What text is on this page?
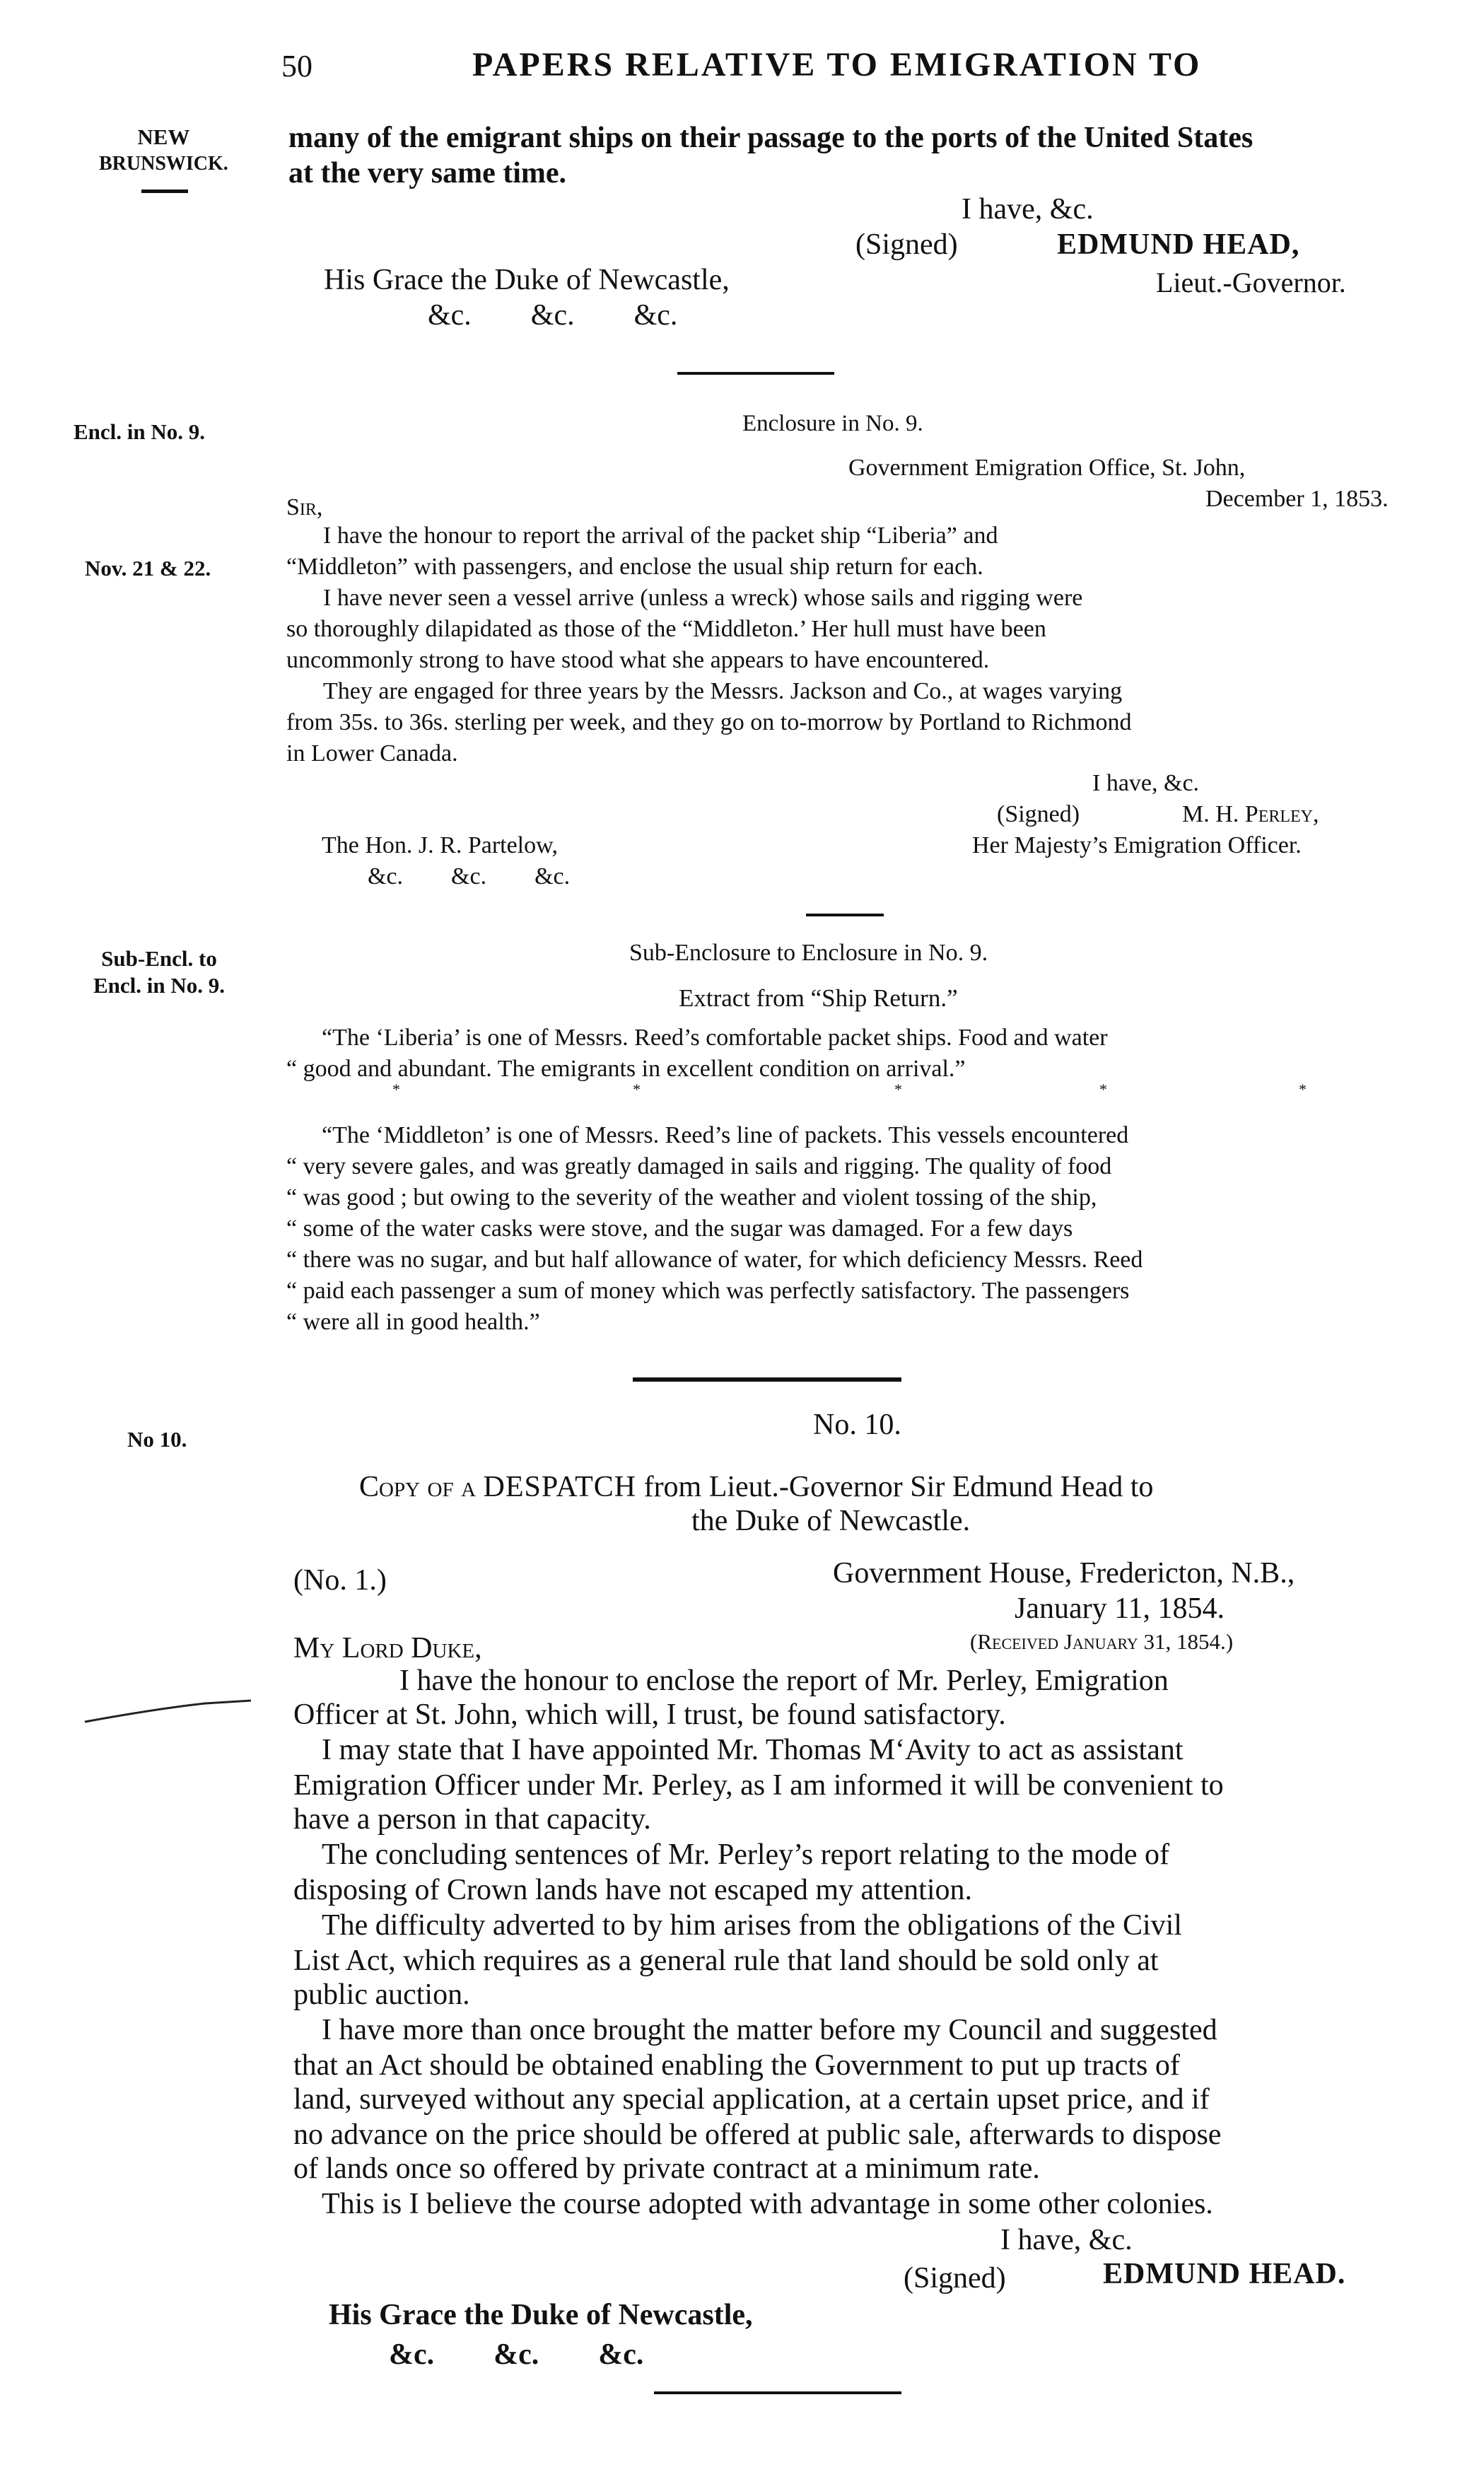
50	PAPERS RELATIVE TO EMIGRATION TO
NEW
BRUNSWICK.
Encl. in No. 9.
Nov. 21 & 22.
Sub-Encl. to
Encl. in No. 9.
No 10.
many of the emigrant ships on their passage to the ports of the United States
at the very same time.
I have, &c.
(Signed)	EDMUND HEAD,
His Grace the Duke of Newcastle,	Lieut.-Governor.
&c.        &c.        &c.
Enclosure in No. 9.
Government Emigration Office, St. John,
December 1, 1853.
Sir,
I have the honour to report the arrival of the packet ship “Liberia” and
“Middleton” with passengers, and enclose the usual ship return for each.
I have never seen a vessel arrive (unless a wreck) whose sails and rigging were
so thoroughly dilapidated as those of the “Middleton.’ Her hull must have been
uncommonly strong to have stood what she appears to have encountered.
They are engaged for three years by the Messrs. Jackson and Co., at wages varying
from 35s. to 36s. sterling per week, and they go on to-morrow by Portland to Richmond
in Lower Canada.
I have, &c.
(Signed)	M. H. Perley,
The Hon. J. R. Partelow,	Her Majesty’s Emigration Officer.
&c.        &c.        &c.
Sub-Enclosure to Enclosure in No. 9.
Extract from “Ship Return.”
“The ‘Liberia’ is one of Messrs. Reed’s comfortable packet ships. Food and water
“ good and abundant. The emigrants in excellent condition on arrival.”
*	*	*	*	*
“The ‘Middleton’ is one of Messrs. Reed’s line of packets. This vessels encountered
“ very severe gales, and was greatly damaged in sails and rigging. The quality of food
“ was good ; but owing to the severity of the weather and violent tossing of the ship,
“ some of the water casks were stove, and the sugar was damaged. For a few days
“ there was no sugar, and but half allowance of water, for which deficiency Messrs. Reed
“ paid each passenger a sum of money which was perfectly satisfactory. The passengers
“ were all in good health.”
No. 10.
Copy of a DESPATCH from Lieut.-Governor Sir Edmund Head to
the Duke of Newcastle.
(No. 1.)	Government House, Fredericton, N.B.,
January 11, 1854.
(Received January 31, 1854.)
My Lord Duke,
I have the honour to enclose the report of Mr. Perley, Emigration
Officer at St. John, which will, I trust, be found satisfactory.
I may state that I have appointed Mr. Thomas M‘Avity to act as assistant
Emigration Officer under Mr. Perley, as I am informed it will be convenient to
have a person in that capacity.
The concluding sentences of Mr. Perley’s report relating to the mode of
disposing of Crown lands have not escaped my attention.
The difficulty adverted to by him arises from the obligations of the Civil
List Act, which requires as a general rule that land should be sold only at
public auction.
I have more than once brought the matter before my Council and suggested
that an Act should be obtained enabling the Government to put up tracts of
land, surveyed without any special application, at a certain upset price, and if
no advance on the price should be offered at public sale, afterwards to dispose
of lands once so offered by private contract at a minimum rate.
This is I believe the course adopted with advantage in some other colonies.
I have, &c.
(Signed)	EDMUND HEAD.
His Grace the Duke of Newcastle,
&c.        &c.        &c.
